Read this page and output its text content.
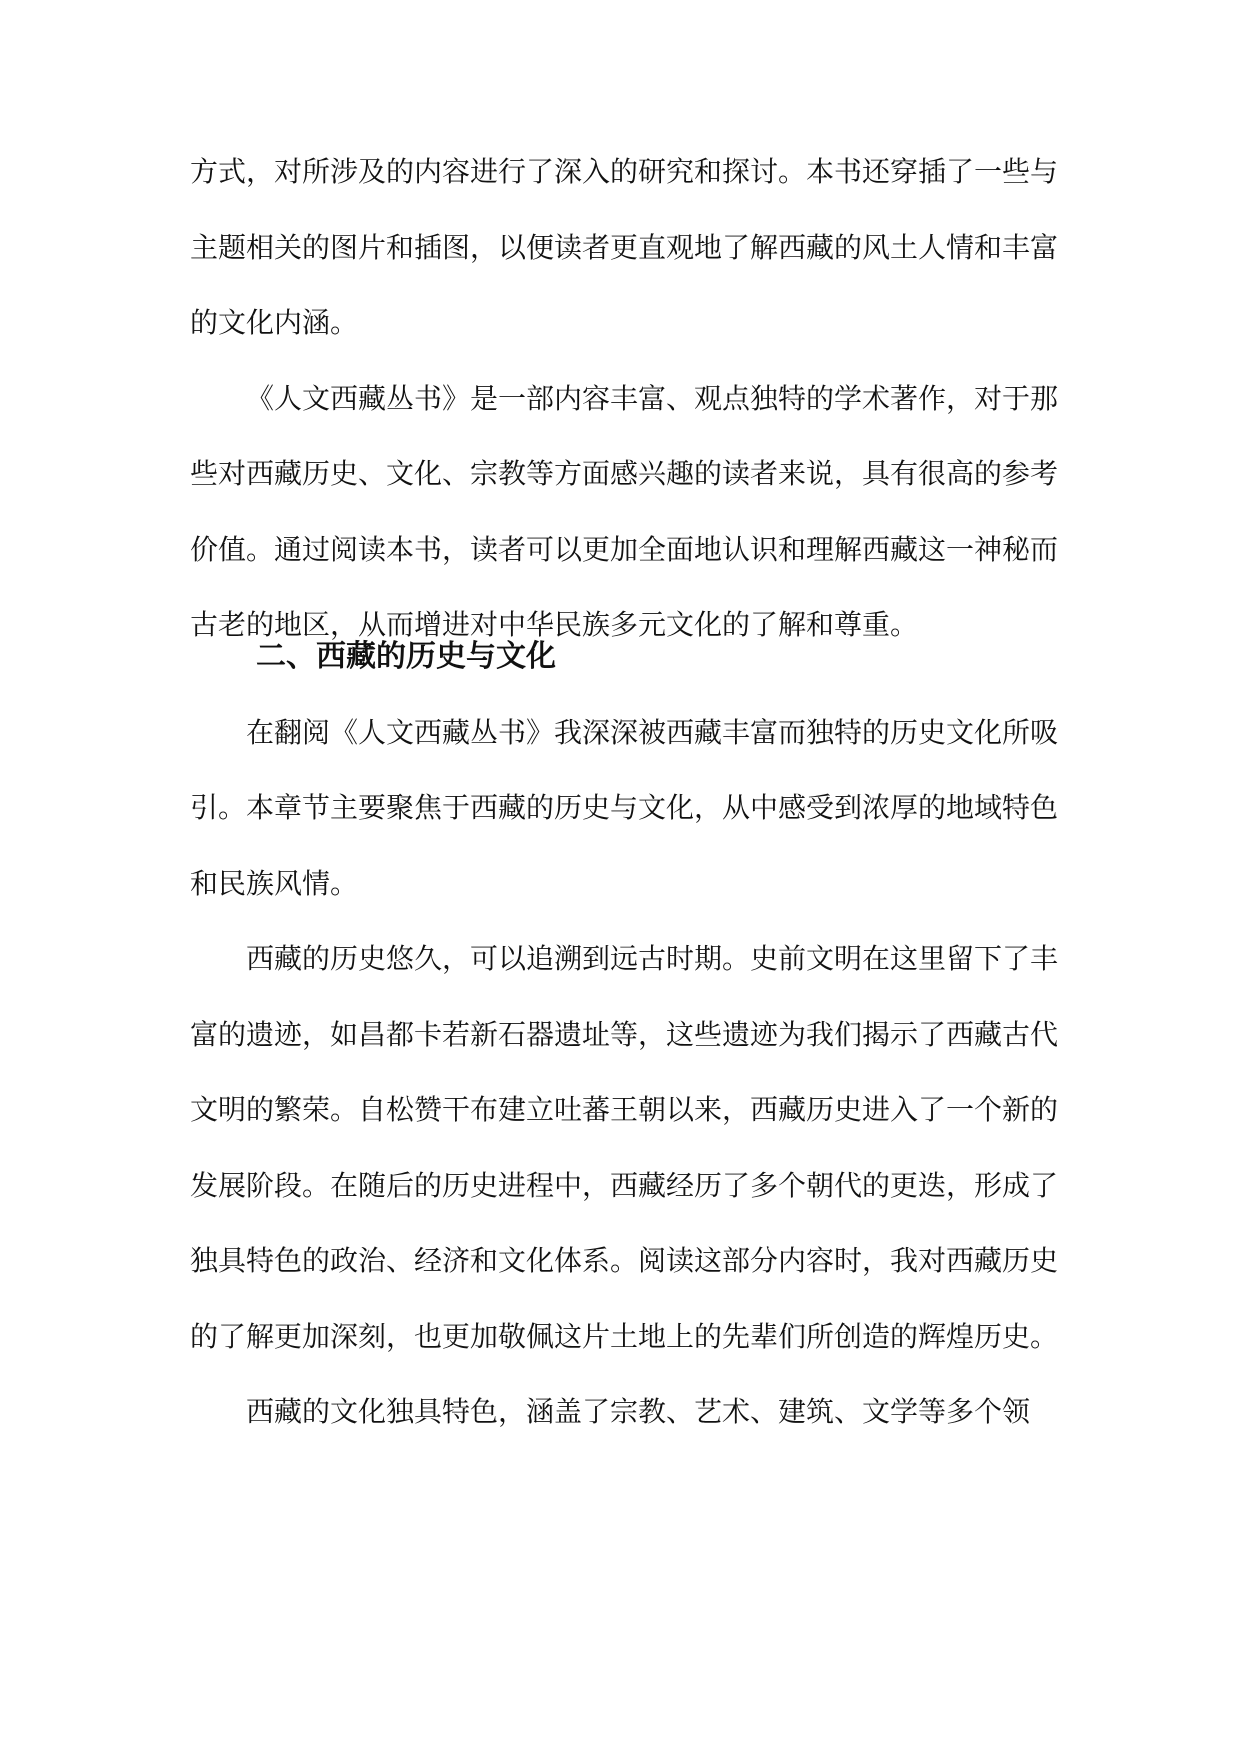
方式，对所涉及的内容进行了深入的研究和探讨。本书还穿插了一些与主题相关的图片和插图，以便读者更直观地了解西藏的风土人情和丰富的文化内涵。

《人文西藏丛书》是一部内容丰富、观点独特的学术著作，对于那些对西藏历史、文化、宗教等方面感兴趣的读者来说，具有很高的参考价值。通过阅读本书，读者可以更加全面地认识和理解西藏这一神秘而古老的地区，从而增进对中华民族多元文化的了解和尊重。

二、西藏的历史与文化

在翻阅《人文西藏丛书》我深深被西藏丰富而独特的历史文化所吸引。本章节主要聚焦于西藏的历史与文化，从中感受到浓厚的地域特色和民族风情。

西藏的历史悠久，可以追溯到远古时期。史前文明在这里留下了丰富的遗迹，如昌都卡若新石器遗址等，这些遗迹为我们揭示了西藏古代文明的繁荣。自松赞干布建立吐蕃王朝以来，西藏历史进入了一个新的发展阶段。在随后的历史进程中，西藏经历了多个朝代的更迭，形成了独具特色的政治、经济和文化体系。阅读这部分内容时，我对西藏历史的了解更加深刻，也更加敬佩这片土地上的先辈们所创造的辉煌历史。

西藏的文化独具特色，涵盖了宗教、艺术、建筑、文学等多个领
